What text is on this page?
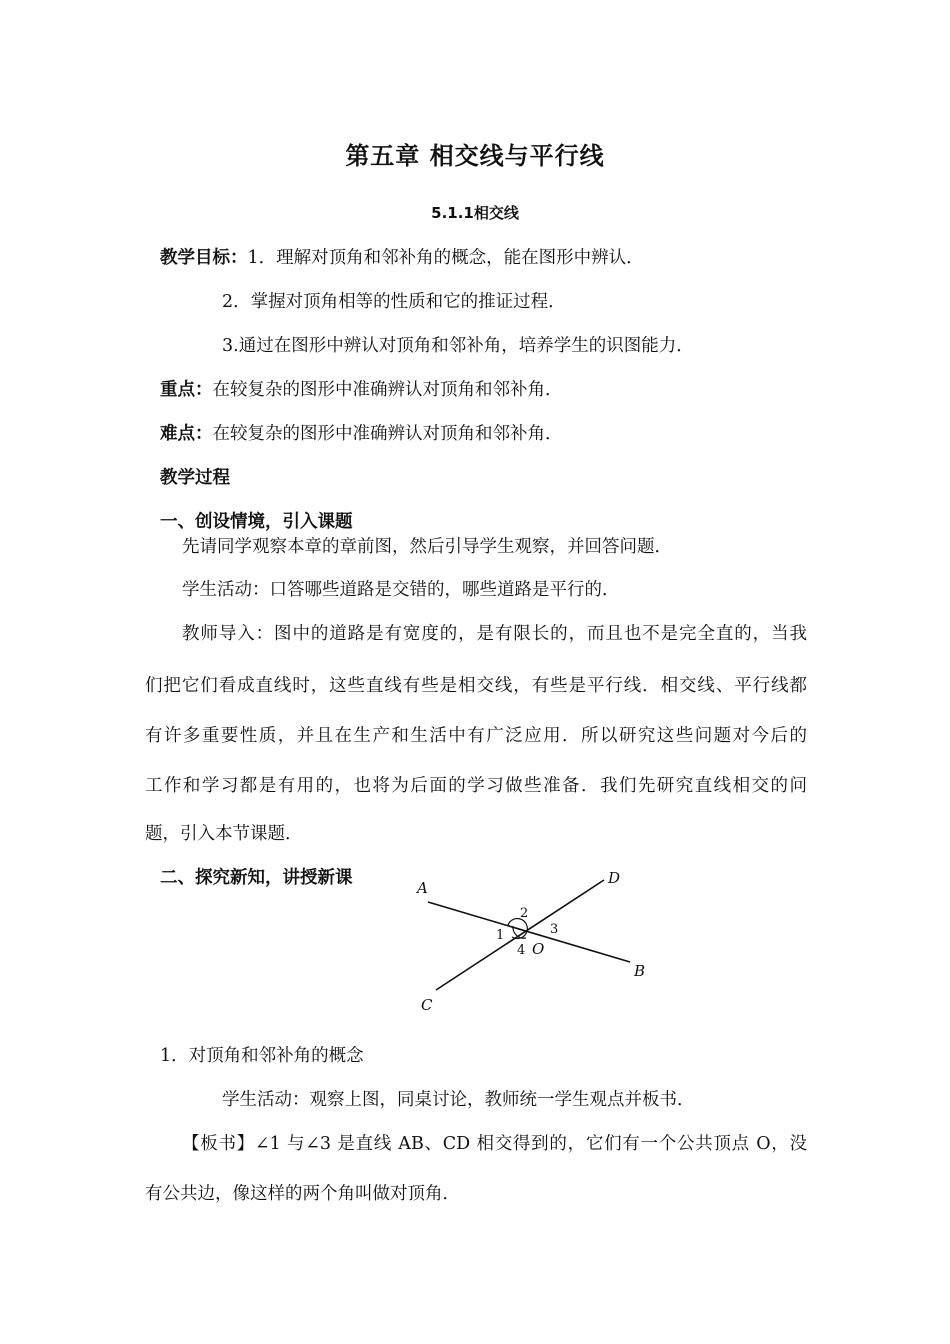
第五章 相交线与平行线
5.1.1相交线
教学目标：1．理解对顶角和邻补角的概念，能在图形中辨认．
2．掌握对顶角相等的性质和它的推证过程．
3.通过在图形中辨认对顶角和邻补角，培养学生的识图能力．
重点：在较复杂的图形中准确辨认对顶角和邻补角．
难点：在较复杂的图形中准确辨认对顶角和邻补角．
教学过程
一、创设情境，引入课题
先请同学观察本章的章前图，然后引导学生观察，并回答问题．
学生活动：口答哪些道路是交错的，哪些道路是平行的．
教师导入：图中的道路是有宽度的，是有限长的，而且也不是完全直的，当我
们把它们看成直线时，这些直线有些是相交线，有些是平行线．相交线、平行线都
有许多重要性质，并且在生产和生活中有广泛应用．所以研究这些问题对今后的
工作和学习都是有用的，也将为后面的学习做些准备．我们先研究直线相交的问
题，引入本节课题．
二、探究新知，讲授新课	A
B
C
D
O
1
2
3
4
1．对顶角和邻补角的概念
学生活动：观察上图，同桌讨论，教师统一学生观点并板书．
【板书】∠1 与∠3 是直线 AB、CD 相交得到的，它们有一个公共顶点 O，没
有公共边，像这样的两个角叫做对顶角．
